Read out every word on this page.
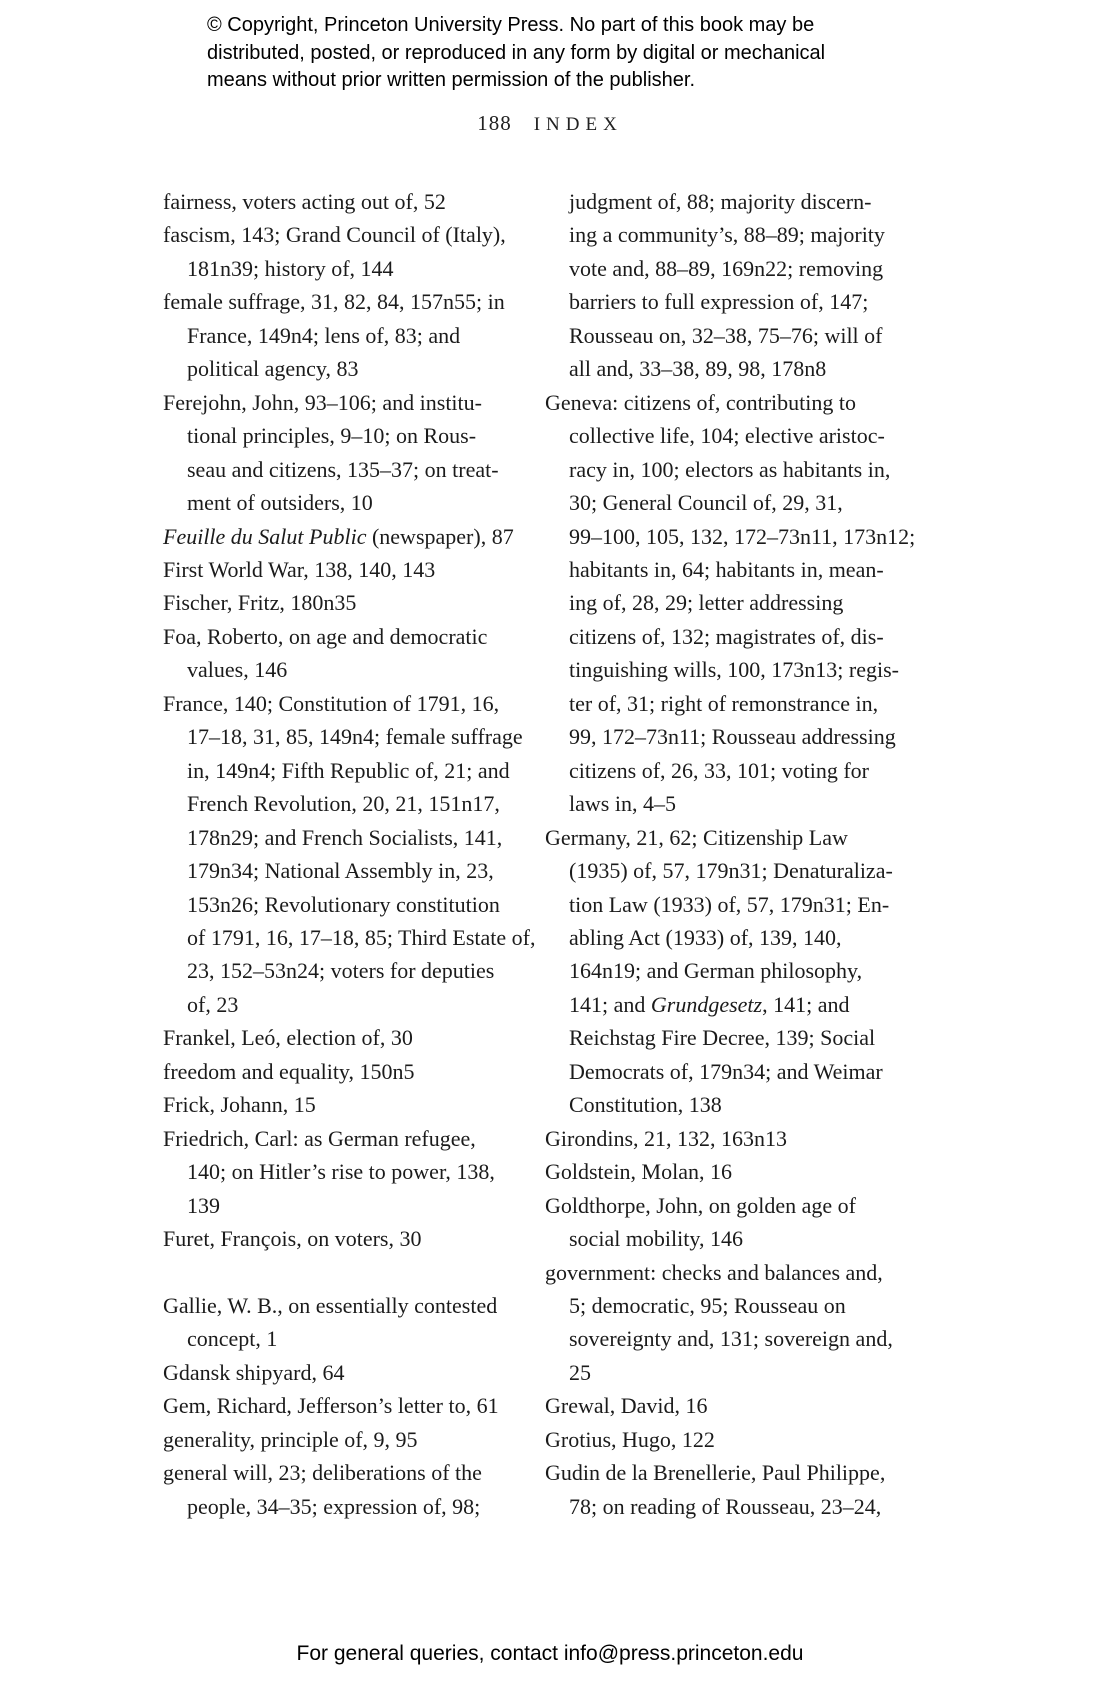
© Copyright, Princeton University Press. No part of this book may be
distributed, posted, or reproduced in any form by digital or mechanical
means without prior written permission of the publisher.
188 INDEX
fairness, voters acting out of, 52
fascism, 143; Grand Council of (Italy),
181n39; history of, 144
female suffrage, 31, 82, 84, 157n55; in
France, 149n4; lens of, 83; and
political agency, 83
Ferejohn, John, 93–106; and institu-
tional principles, 9–10; on Rous-
seau and citizens, 135–37; on treat-
ment of outsiders, 10
Feuille du Salut Public (newspaper), 87
First World War, 138, 140, 143
Fischer, Fritz, 180n35
Foa, Roberto, on age and democratic
values, 146
France, 140; Constitution of 1791, 16,
17–18, 31, 85, 149n4; female suffrage
in, 149n4; Fifth Republic of, 21; and
French Revolution, 20, 21, 151n17,
178n29; and French Socialists, 141,
179n34; National Assembly in, 23,
153n26; Revolutionary constitution
of 1791, 16, 17–18, 85; Third Estate of,
23, 152–53n24; voters for deputies
of, 23
Frankel, Leó, election of, 30
freedom and equality, 150n5
Frick, Johann, 15
Friedrich, Carl: as German refugee,
140; on Hitler’s rise to power, 138,
139
Furet, François, on voters, 30
Gallie, W. B., on essentially contested
concept, 1
Gdansk shipyard, 64
Gem, Richard, Jefferson’s letter to, 61
generality, principle of, 9, 95
general will, 23; deliberations of the
people, 34–35; expression of, 98;
judgment of, 88; majority discern-
ing a community’s, 88–89; majority
vote and, 88–89, 169n22; removing
barriers to full expression of, 147;
Rousseau on, 32–38, 75–76; will of
all and, 33–38, 89, 98, 178n8
Geneva: citizens of, contributing to
collective life, 104; elective aristoc-
racy in, 100; electors as habitants in,
30; General Council of, 29, 31,
99–100, 105, 132, 172–73n11, 173n12;
habitants in, 64; habitants in, mean-
ing of, 28, 29; letter addressing
citizens of, 132; magistrates of, dis-
tinguishing wills, 100, 173n13; regis-
ter of, 31; right of remonstrance in,
99, 172–73n11; Rousseau addressing
citizens of, 26, 33, 101; voting for
laws in, 4–5
Germany, 21, 62; Citizenship Law
(1935) of, 57, 179n31; Denaturaliza-
tion Law (1933) of, 57, 179n31; En-
abling Act (1933) of, 139, 140,
164n19; and German philosophy,
141; and Grundgesetz, 141; and
Reichstag Fire Decree, 139; Social
Democrats of, 179n34; and Weimar
Constitution, 138
Girondins, 21, 132, 163n13
Goldstein, Molan, 16
Goldthorpe, John, on golden age of
social mobility, 146
government: checks and balances and,
5; democratic, 95; Rousseau on
sovereignty and, 131; sovereign and,
25
Grewal, David, 16
Grotius, Hugo, 122
Gudin de la Brenellerie, Paul Philippe,
78; on reading of Rousseau, 23–24,
For general queries, contact info@press.princeton.edu
